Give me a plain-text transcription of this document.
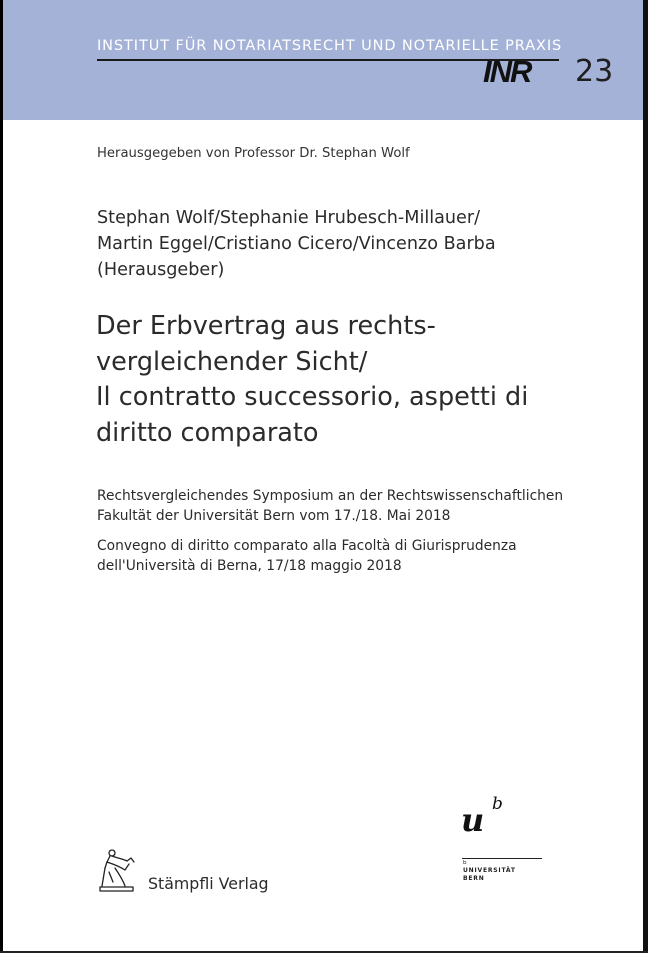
INSTITUT FÜR NOTARIATSRECHT UND NOTARIELLE PRAXIS
INR 23
Herausgegeben von Professor Dr. Stephan Wolf
Stephan Wolf/Stephanie Hrubesch-Millauer/
Martin Eggel/Cristiano Cicero/Vincenzo Barba
(Herausgeber)
Der Erbvertrag aus rechts-
vergleichender Sicht/
Il contratto successorio, aspetti di
diritto comparato
Rechtsvergleichendes Symposium an der Rechtswissenschaftlichen
Fakultät der Universität Bern vom 17./18. Mai 2018
Convegno di diritto comparato alla Facoltà di Giurisprudenza
dell'Università di Berna, 17/18 maggio 2018
Stämpfli Verlag
u b
b
UNIVERSITÄT
BERN
